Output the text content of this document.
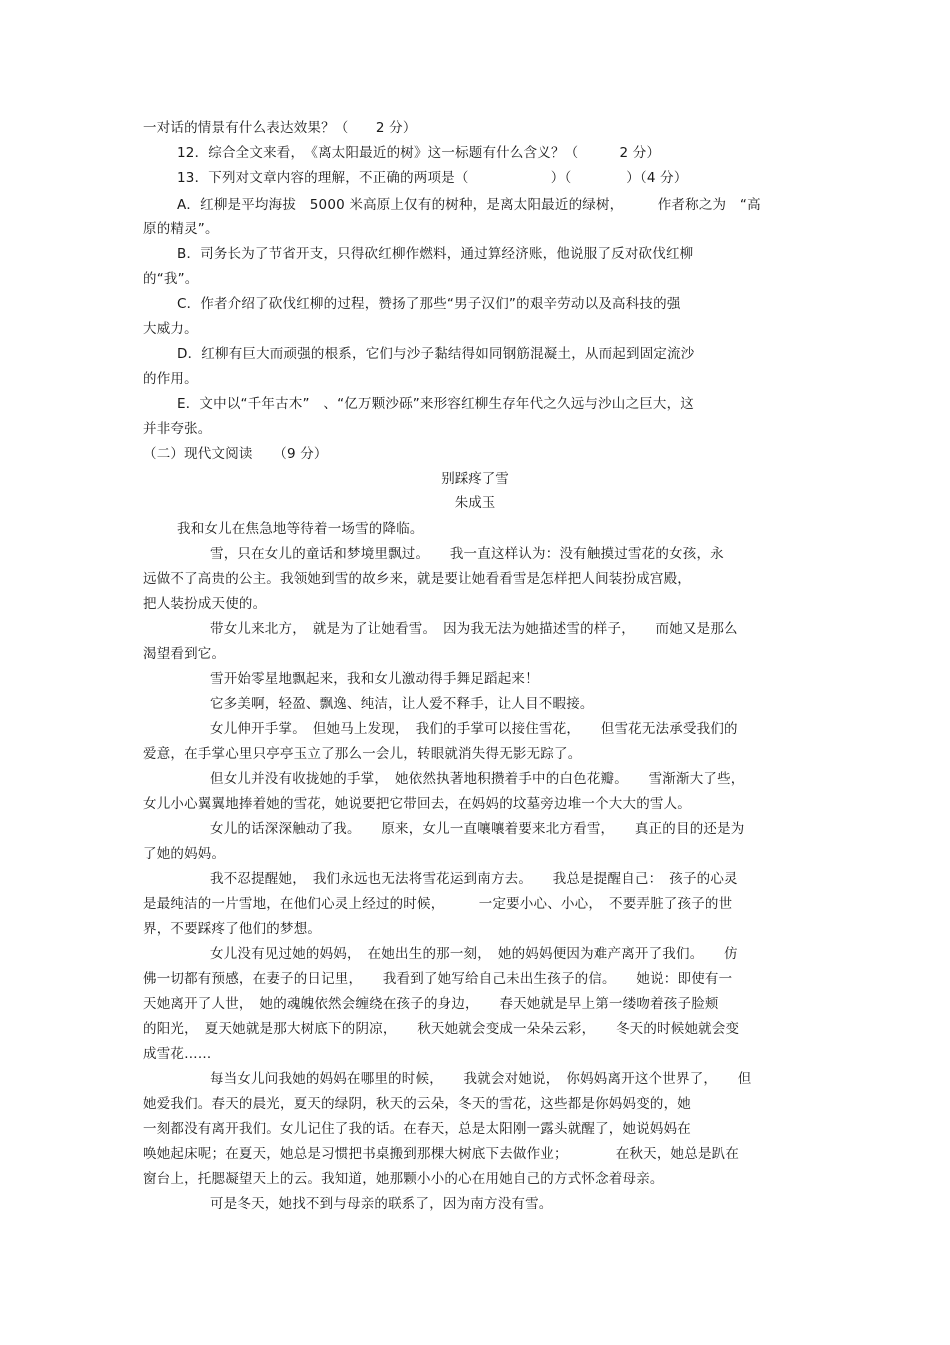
一对话的情景有什么表达效果？（　　2 分）
12．综合全文来看，　《离太阳最近的树》这一标题有什么含义？（　　　2 分）
13．下列对文章内容的理解，不正确的两项是（　　　　　　）（　　　　）（4 分）
A．红柳是平均海拔　5000 米高原上仅有的树种，是离太阳最近的绿树，　　　作者称之为　“高
原的精灵”。
B．司务长为了节省开支，只得砍红柳作燃料，通过算经济账，他说服了反对砍伐红柳
的“我”。
C．作者介绍了砍伐红柳的过程，赞扬了那些“男子汉们”的艰辛劳动以及高科技的强
大威力。
D．红柳有巨大而顽强的根系，它们与沙子黏结得如同钢筋混凝土，从而起到固定流沙
的作用。
E．文中以“千年古木”　、“亿万颗沙砾”来形容红柳生存年代之久远与沙山之巨大，这
并非夸张。
（二）现代文阅读　　（9 分）
别踩疼了雪
朱成玉
我和女儿在焦急地等待着一场雪的降临。
雪，只在女儿的童话和梦境里飘过。　　我一直这样认为：没有触摸过雪花的女孩，永
远做不了高贵的公主。我领她到雪的故乡来，就是要让她看看雪是怎样把人间装扮成宫殿，
把人装扮成天使的。
带女儿来北方，　就是为了让她看雪。　因为我无法为她描述雪的样子，　　而她又是那么
渴望看到它。
雪开始零星地飘起来，我和女儿激动得手舞足蹈起来！
它多美啊，轻盈、飘逸、纯洁，让人爱不释手，让人目不暇接。
女儿伸开手掌。　但她马上发现，　我们的手掌可以接住雪花，　　但雪花无法承受我们的
爱意，在手掌心里只亭亭玉立了那么一会儿，转眼就消失得无影无踪了。
但女儿并没有收拢她的手掌，　她依然执著地积攒着手中的白色花瓣。　　雪渐渐大了些，
女儿小心翼翼地捧着她的雪花，她说要把它带回去，在妈妈的坟墓旁边堆一个大大的雪人。
女儿的话深深触动了我。　　原来，女儿一直嚷嚷着要来北方看雪，　　真正的目的还是为
了她的妈妈。
我不忍提醒她，　我们永远也无法将雪花运到南方去。　　我总是提醒自己：　孩子的心灵
是最纯洁的一片雪地，在他们心灵上经过的时候，　　　一定要小心、小心，　不要弄脏了孩子的世
界，不要踩疼了他们的梦想。
女儿没有见过她的妈妈，　在她出生的那一刻，　她的妈妈便因为难产离开了我们。　　仿
佛一切都有预感，在妻子的日记里，　　我看到了她写给自己未出生孩子的信。　　她说：即使有一
天她离开了人世，　她的魂魄依然会缠绕在孩子的身边，　　春天她就是早上第一缕吻着孩子脸颊
的阳光，　夏天她就是那大树底下的阴凉，　　秋天她就会变成一朵朵云彩，　　冬天的时候她就会变
成雪花……
每当女儿问我她的妈妈在哪里的时候，　　我就会对她说，　你妈妈离开这个世界了，　　但
她爱我们。春天的晨光，夏天的绿阴，秋天的云朵，冬天的雪花，这些都是你妈妈变的，她
一刻都没有离开我们。女儿记住了我的话。在春天，总是太阳刚一露头就醒了，她说妈妈在
唤她起床呢；在夏天，她总是习惯把书桌搬到那棵大树底下去做作业；　　　　在秋天，她总是趴在
窗台上，托腮凝望天上的云。我知道，她那颗小小的心在用她自己的方式怀念着母亲。
可是冬天，她找不到与母亲的联系了，因为南方没有雪。
